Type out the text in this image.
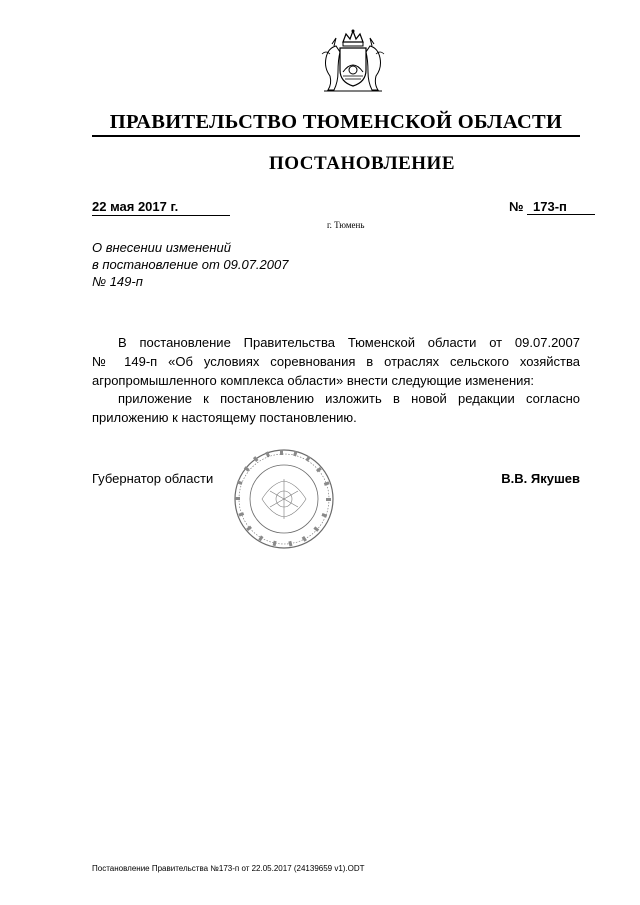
ПРАВИТЕЛЬСТВО ТЮМЕНСКОЙ ОБЛАСТИ
ПОСТАНОВЛЕНИЕ
22 мая 2017 г.	№ 173-п
г. Тюмень
О внесении изменений
в постановление от 09.07.2007
№ 149-п
В постановление Правительства Тюменской области от 09.07.2007
№ 149-п «Об условиях соревнования в отраслях сельского хозяйства
агропромышленного комплекса области» внести следующие изменения:
приложение к постановлению изложить в новой редакции согласно
приложению к настоящему постановлению.
Губернатор области	В.В. Якушев
Постановление Правительства №173-п от 22.05.2017 (24139659 v1).ODT
